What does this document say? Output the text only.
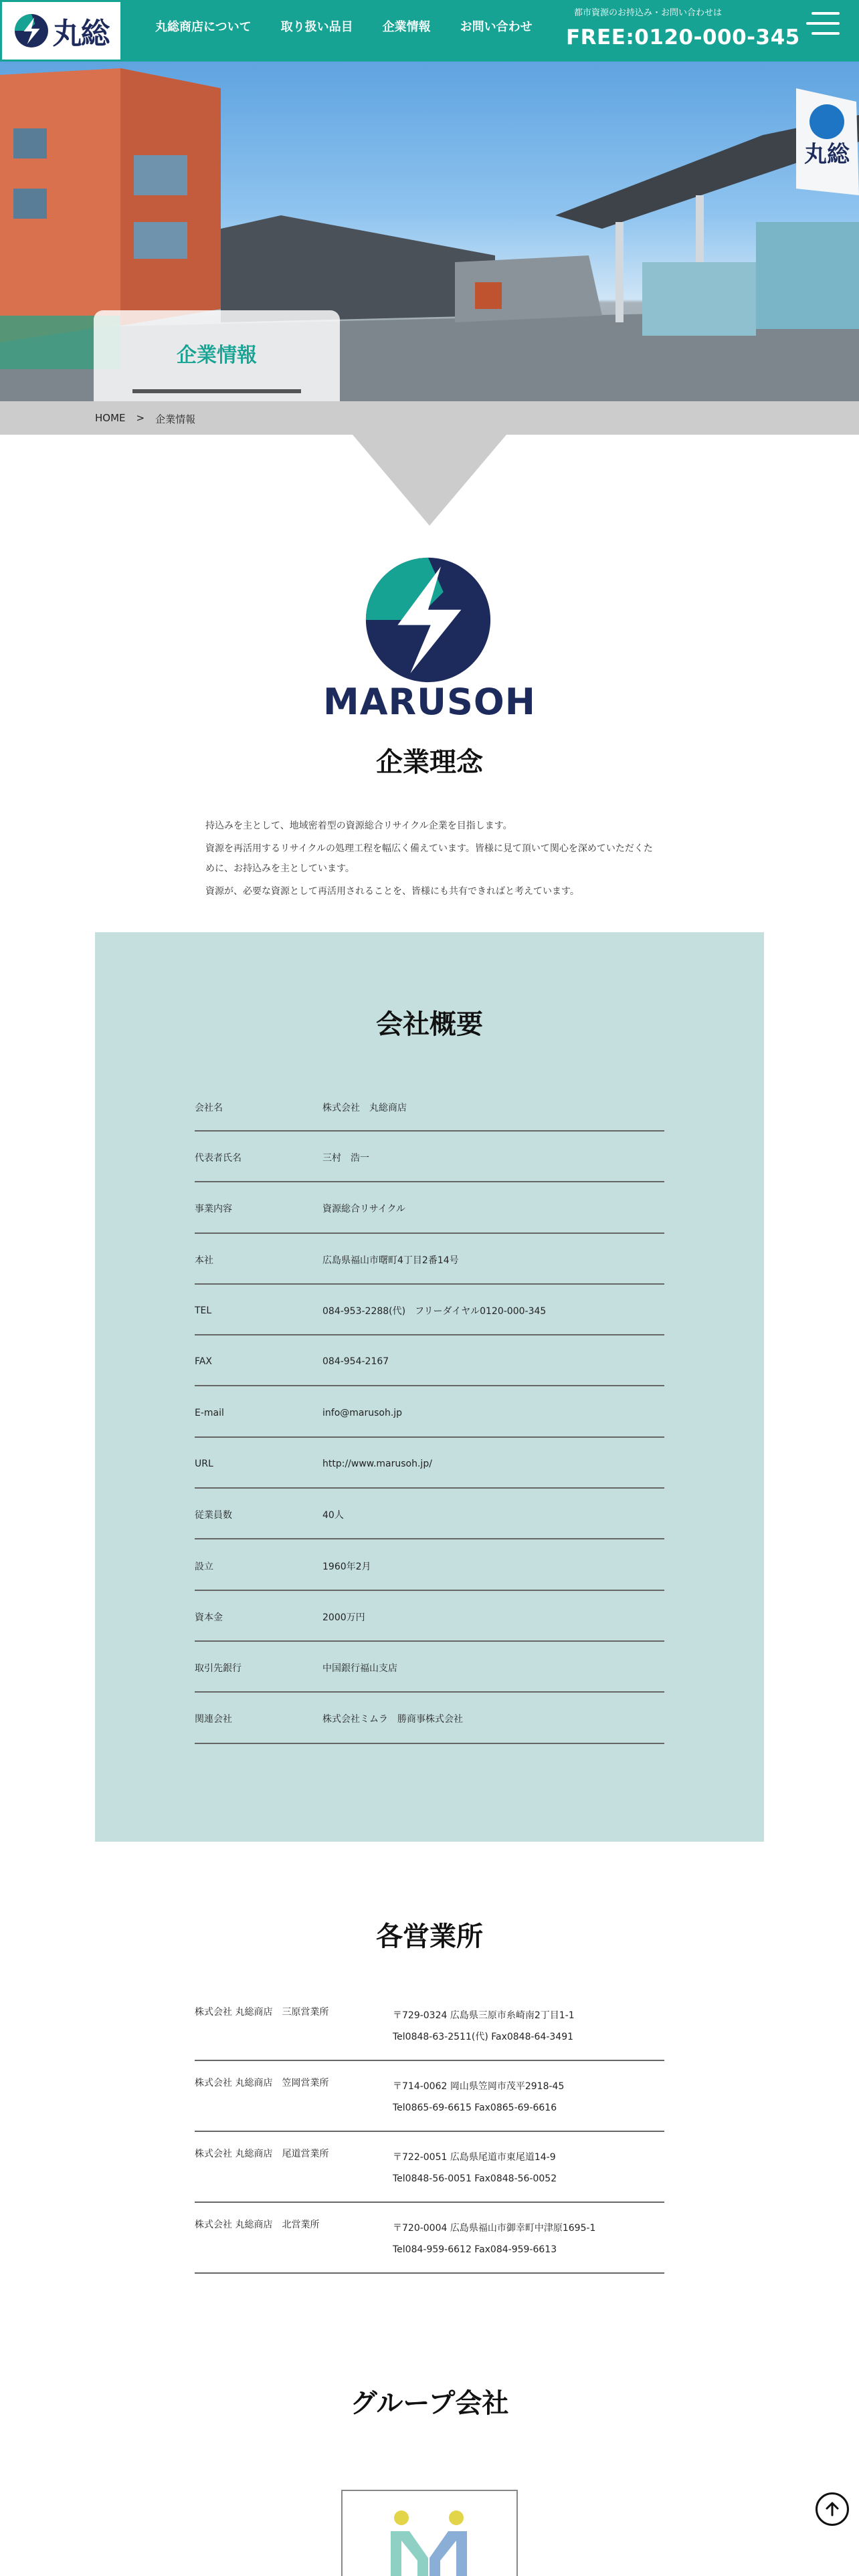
丸総	丸総商店について 取り扱い品目 企業情報 お問い合わせ
都市資源のお持込み・お問い合わせは
FREE:0120-000-345
丸総
企業情報
HOME > 企業情報
MARUSOH
企業理念

持込みを主として、地域密着型の資源総合リサイクル企業を目指します。

資源を再活用するリサイクルの処理工程を幅広く備えています。皆様に見て頂いて関心を深めていただくために、お持込みを主としています。

資源が、必要な資源として再活用されることを、皆様にも共有できればと考えています。

会社概要
会社名	株式会社　丸総商店
代表者氏名	三村　浩一
事業内容	資源総合リサイクル
本社	広島県福山市曙町4丁目2番14号
TEL	084-953-2288(代)　フリーダイヤル0120-000-345
FAX	084-954-2167
E-mail	info@marusoh.jp
URL	http://www.marusoh.jp/
従業員数	40人
設立	1960年2月
資本金	2000万円
取引先銀行	中国銀行福山支店
関連会社	株式会社ミムラ　勝商事株式会社
各営業所
株式会社 丸総商店　三原営業所	〒729-0324 広島県三原市糸崎南2丁目1-1

Tel0848-63-2511(代) Fax0848-64-3491

株式会社 丸総商店　笠岡営業所	〒714-0062 岡山県笠岡市茂平2918-45

Tel0865-69-6615 Fax0865-69-6616

株式会社 丸総商店　尾道営業所	〒722-0051 広島県尾道市東尾道14-9

Tel0848-56-0051 Fax0848-56-0052

株式会社 丸総商店　北営業所	〒720-0004 広島県福山市御幸町中津原1695-1

Tel084-959-6612 Fax084-959-6613

グループ会社
